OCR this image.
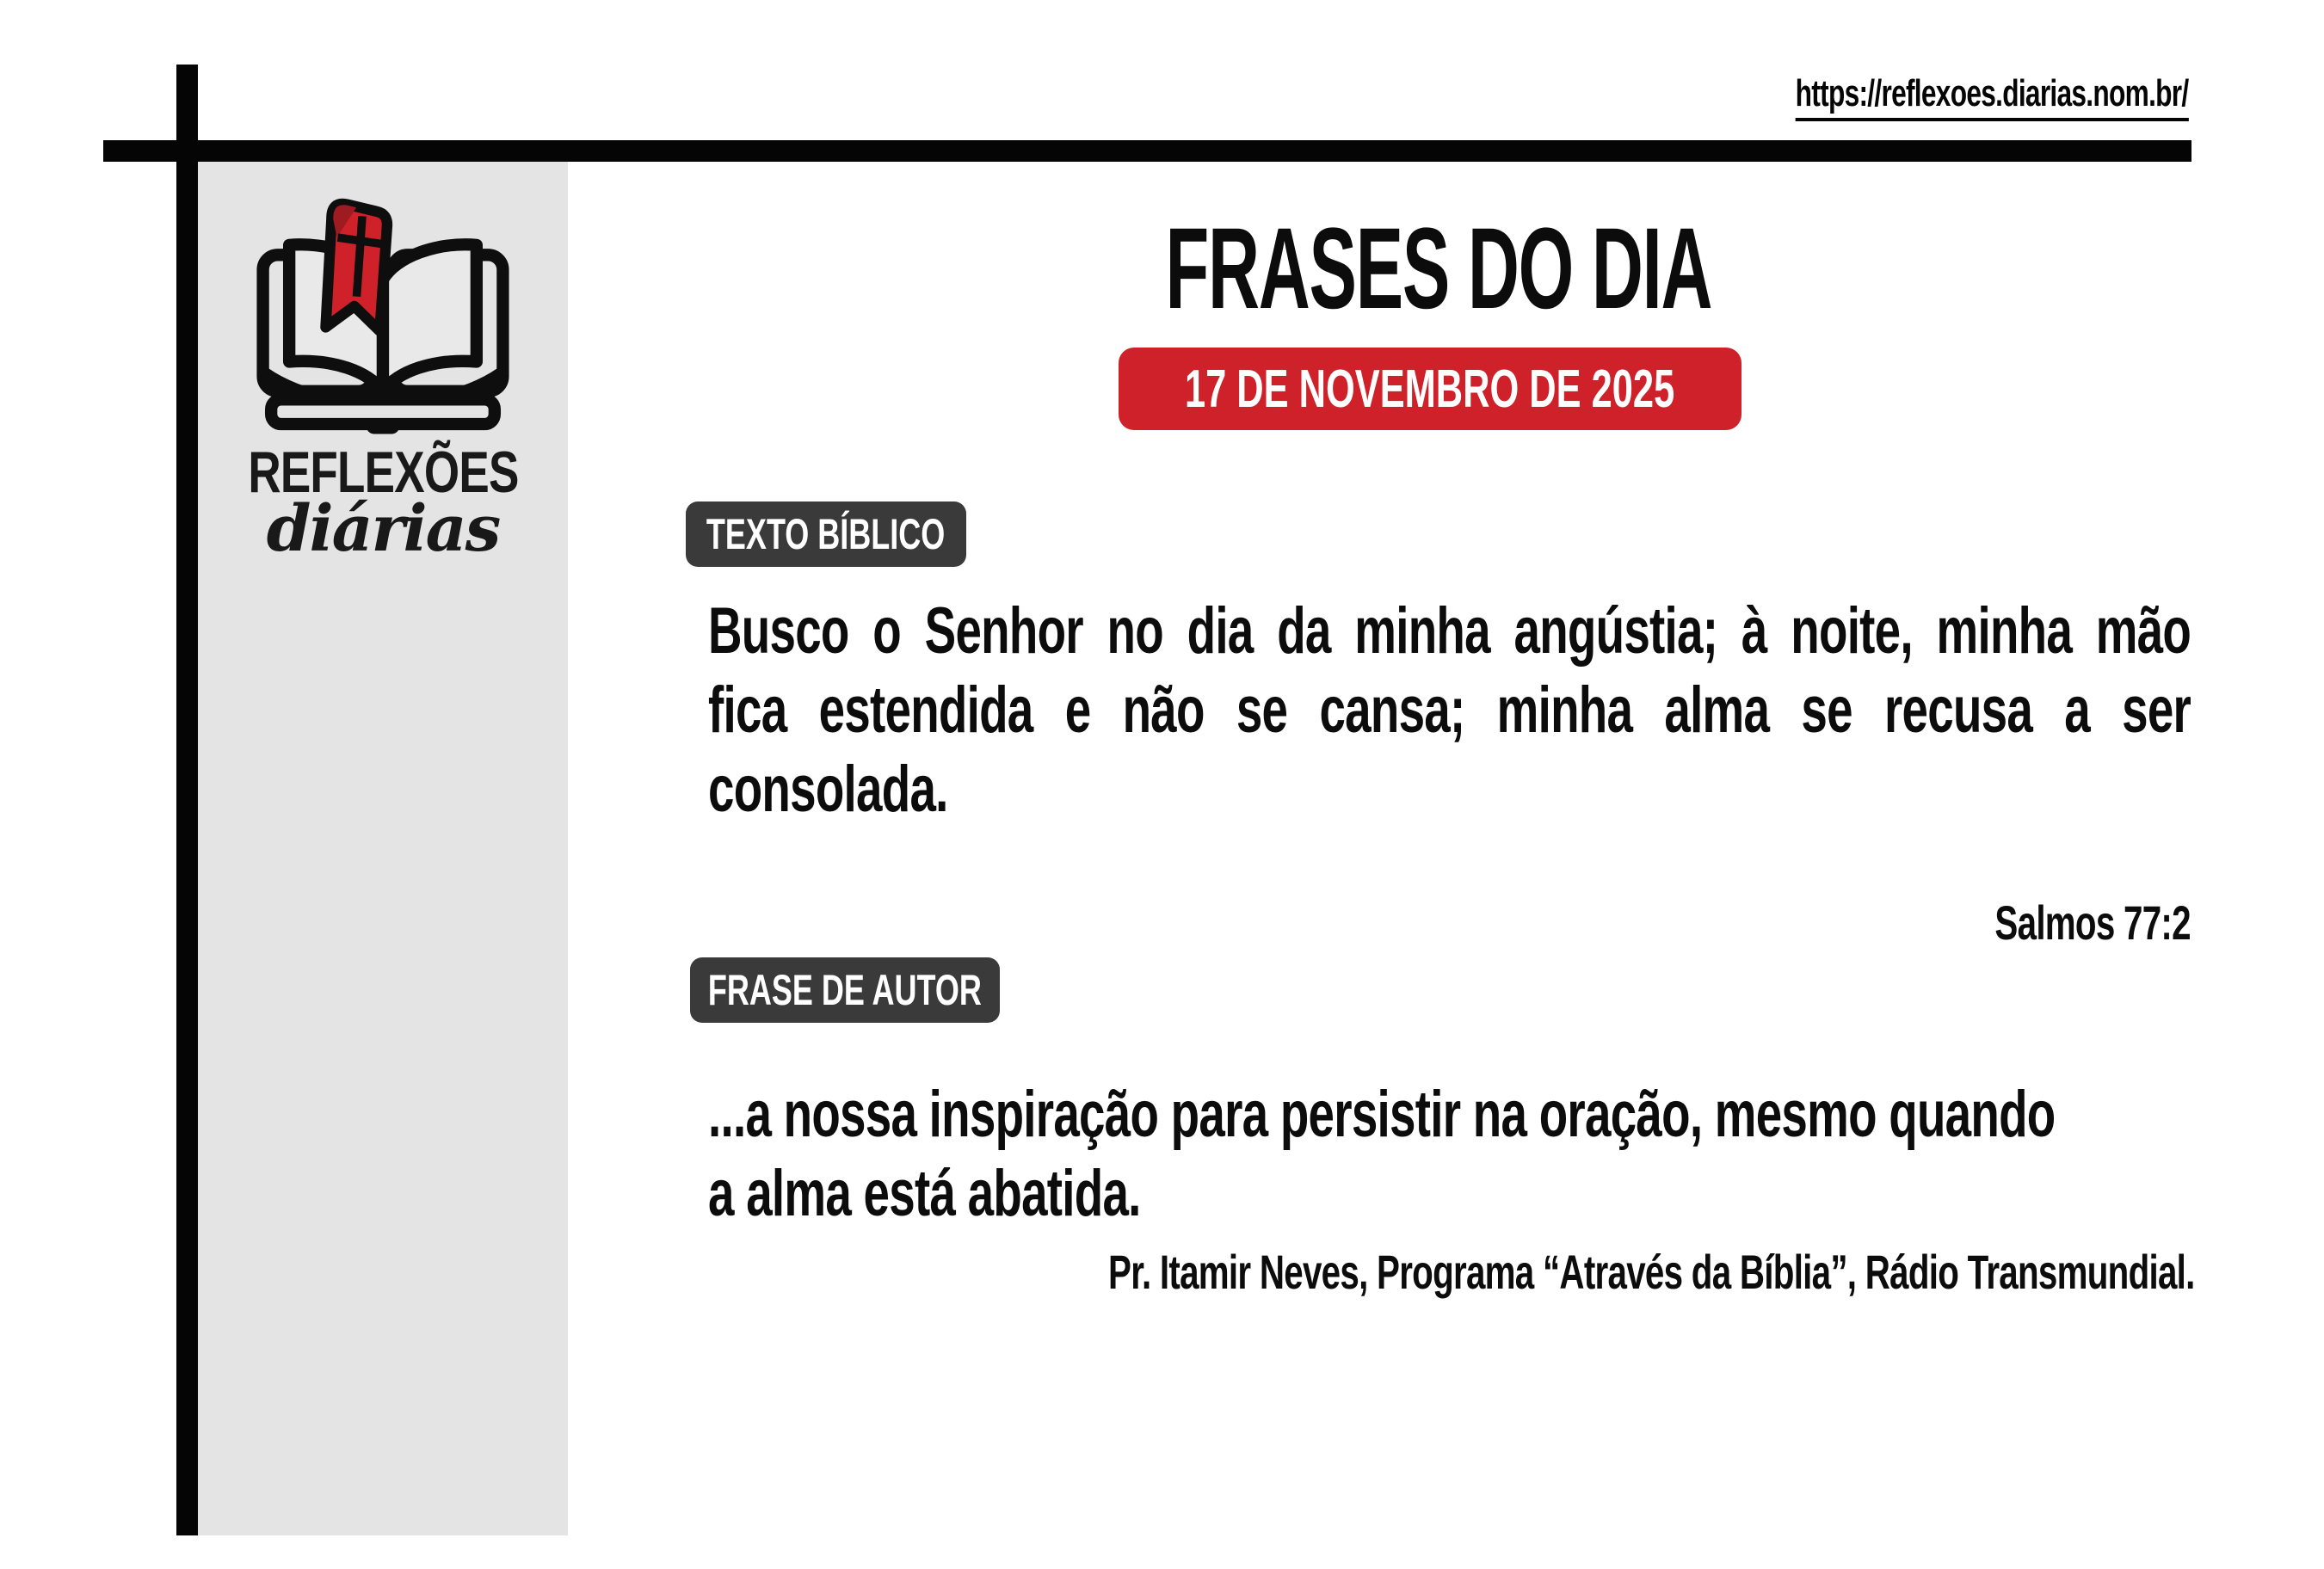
https://reflexoes.diarias.nom.br/
REFLEXÕES
diárias
FRASES DO DIA
17 DE NOVEMBRO DE 2025
TEXTO BÍBLICO
Busco o Senhor no dia da minha angústia; à noite, minha mão
fica estendida e não se cansa; minha alma se recusa a ser
consolada.
Salmos 77:2
FRASE DE AUTOR
...a nossa inspiração para persistir na oração, mesmo quando
a alma está abatida.
Pr. Itamir Neves, Programa “Através da Bíblia”, Rádio Transmundial.
